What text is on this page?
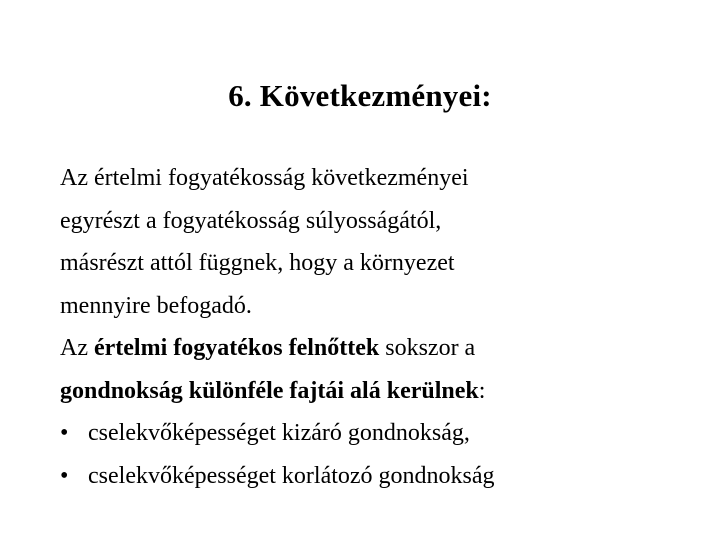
6. Következményei:
Az értelmi fogyatékosság következményei
egyrészt a fogyatékosság súlyosságától,
másrészt attól függnek, hogy a környezet
mennyire befogadó.
Az értelmi fogyatékos felnőttek sokszor a
gondnokság különféle fajtái alá kerülnek:
• cselekvőképességet kizáró gondnokság,
• cselekvőképességet korlátozó gondnokság
